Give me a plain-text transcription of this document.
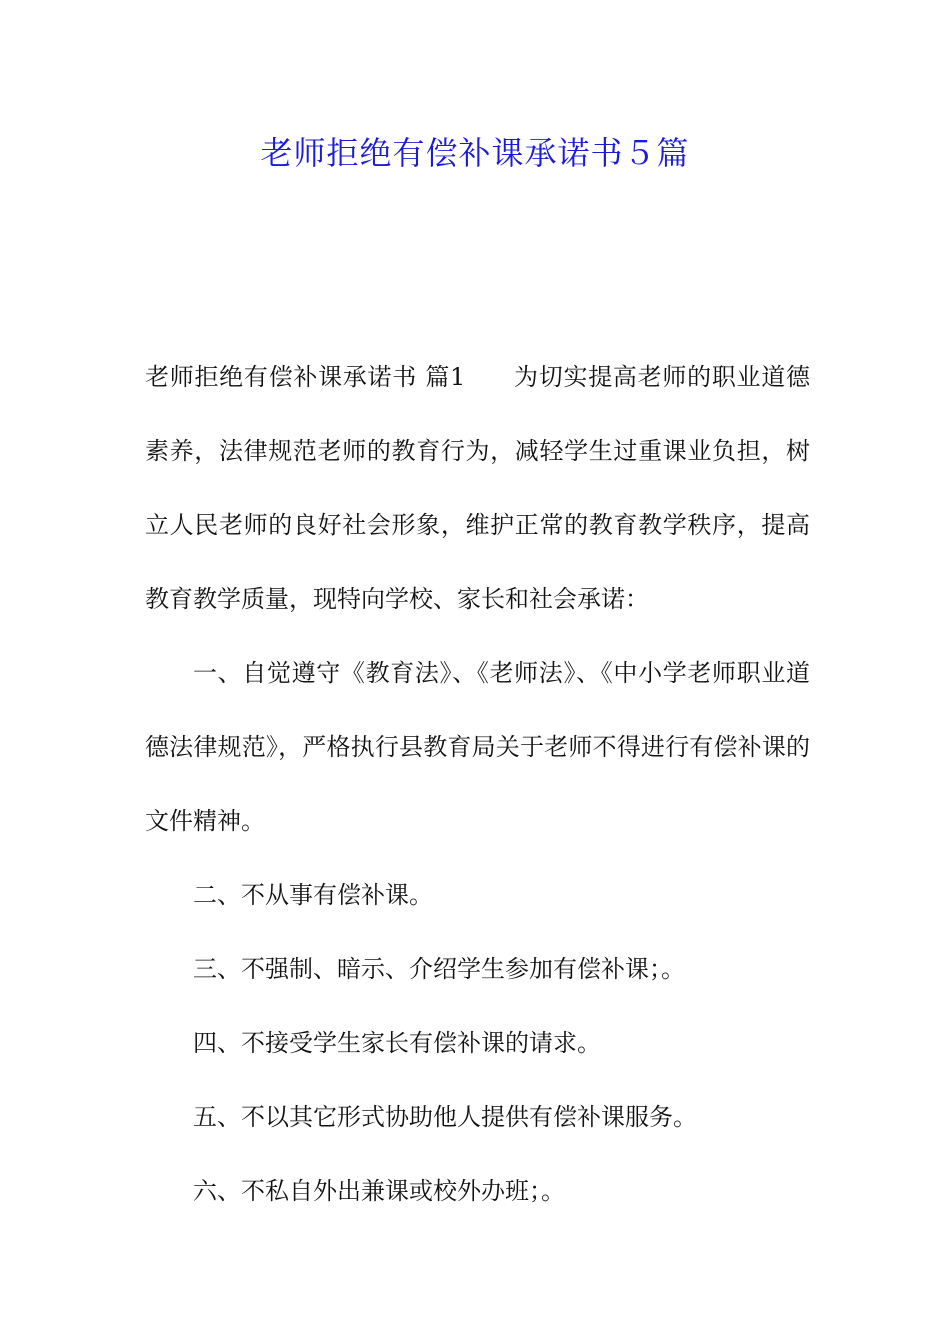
老师拒绝有偿补课承诺书５篇

老师拒绝有偿补课承诺书 篇1 为切实提高老师的职业道德素养，法律规范老师的教育行为，减轻学生过重课业负担，树立人民老师的良好社会形象，维护正常的教育教学秩序，提高教育教学质量，现特向学校、家长和社会承诺：

一、自觉遵守《教育法》、《老师法》、《中小学老师职业道德法律规范》，严格执行县教育局关于老师不得进行有偿补课的文件精神。

二、不从事有偿补课。

三、不强制、暗示、介绍学生参加有偿补课；。

四、不接受学生家长有偿补课的请求。

五、不以其它形式协助他人提供有偿补课服务。

六、不私自外出兼课或校外办班；。
